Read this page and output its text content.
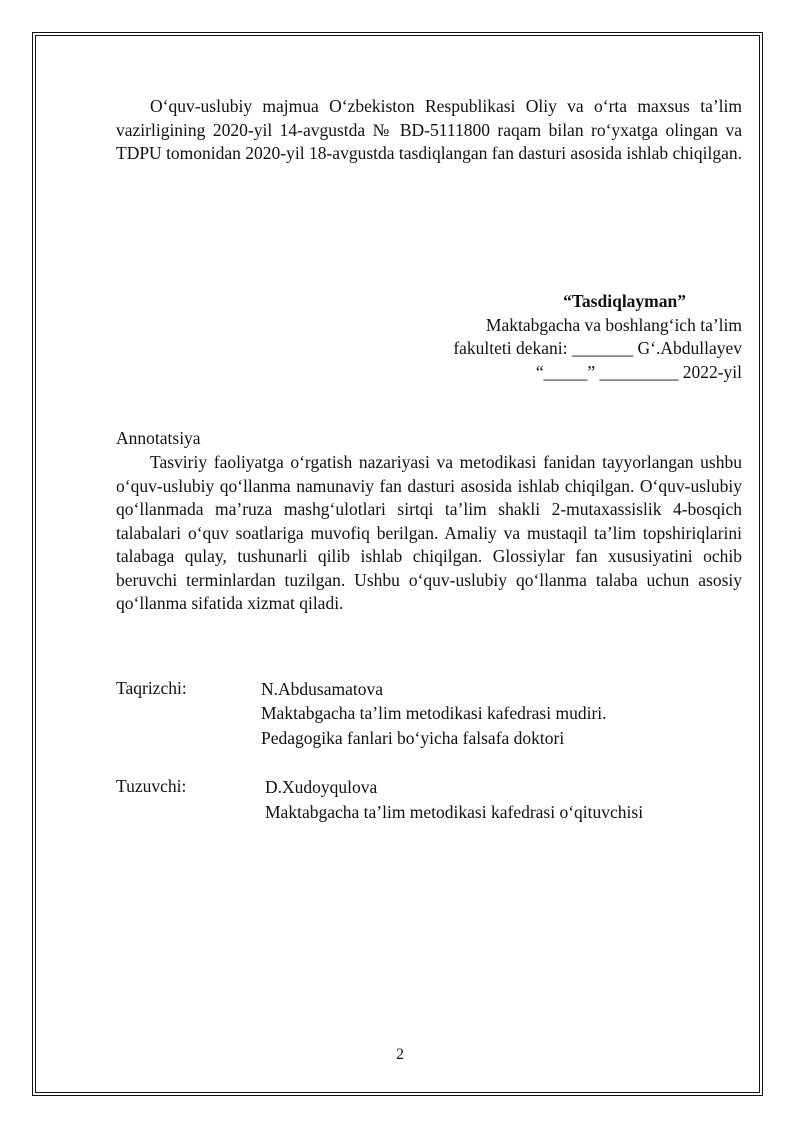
O‘quv-uslubiy majmua O‘zbekiston Respublikasi Oliy va o‘rta maxsus ta’lim vazirligining 2020-yil 14-avgustda № BD-5111800 raqam bilan ro‘yxatga olingan va TDPU tomonidan 2020-yil 18-avgustda tasdiqlangan fan dasturi asosida ishlab chiqilgan.

“Tasdiqlayman”
Maktabgacha va boshlang‘ich ta’lim
fakulteti dekani: _______ G‘.Abdullayev
“_____” _________ 2022-yil
Annotatsiya

Tasviriy faoliyatga o‘rgatish nazariyasi va metodikasi fanidan tayyorlangan ushbu o‘quv-uslubiy qo‘llanma namunaviy fan dasturi asosida ishlab chiqilgan. O‘quv-uslubiy qo‘llanmada ma’ruza mashg‘ulotlari sirtqi ta’lim shakli 2-mutaxassislik 4-bosqich talabalari o‘quv soatlariga muvofiq berilgan. Amaliy va mustaqil ta’lim topshiriqlarini talabaga qulay, tushunarli qilib ishlab chiqilgan. Glossiylar fan xususiyatini ochib beruvchi terminlardan tuzilgan. Ushbu o‘quv-uslubiy qo‘llanma talaba uchun asosiy qo‘llanma sifatida xizmat qiladi.

Taqrizchi:	N.Abdusamatova
Maktabgacha ta’lim metodikasi kafedrasi mudiri.
Pedagogika fanlari bo‘yicha falsafa doktori
Tuzuvchi:	D.Xudoyqulova
Maktabgacha ta’lim metodikasi kafedrasi o‘qituvchisi
2
